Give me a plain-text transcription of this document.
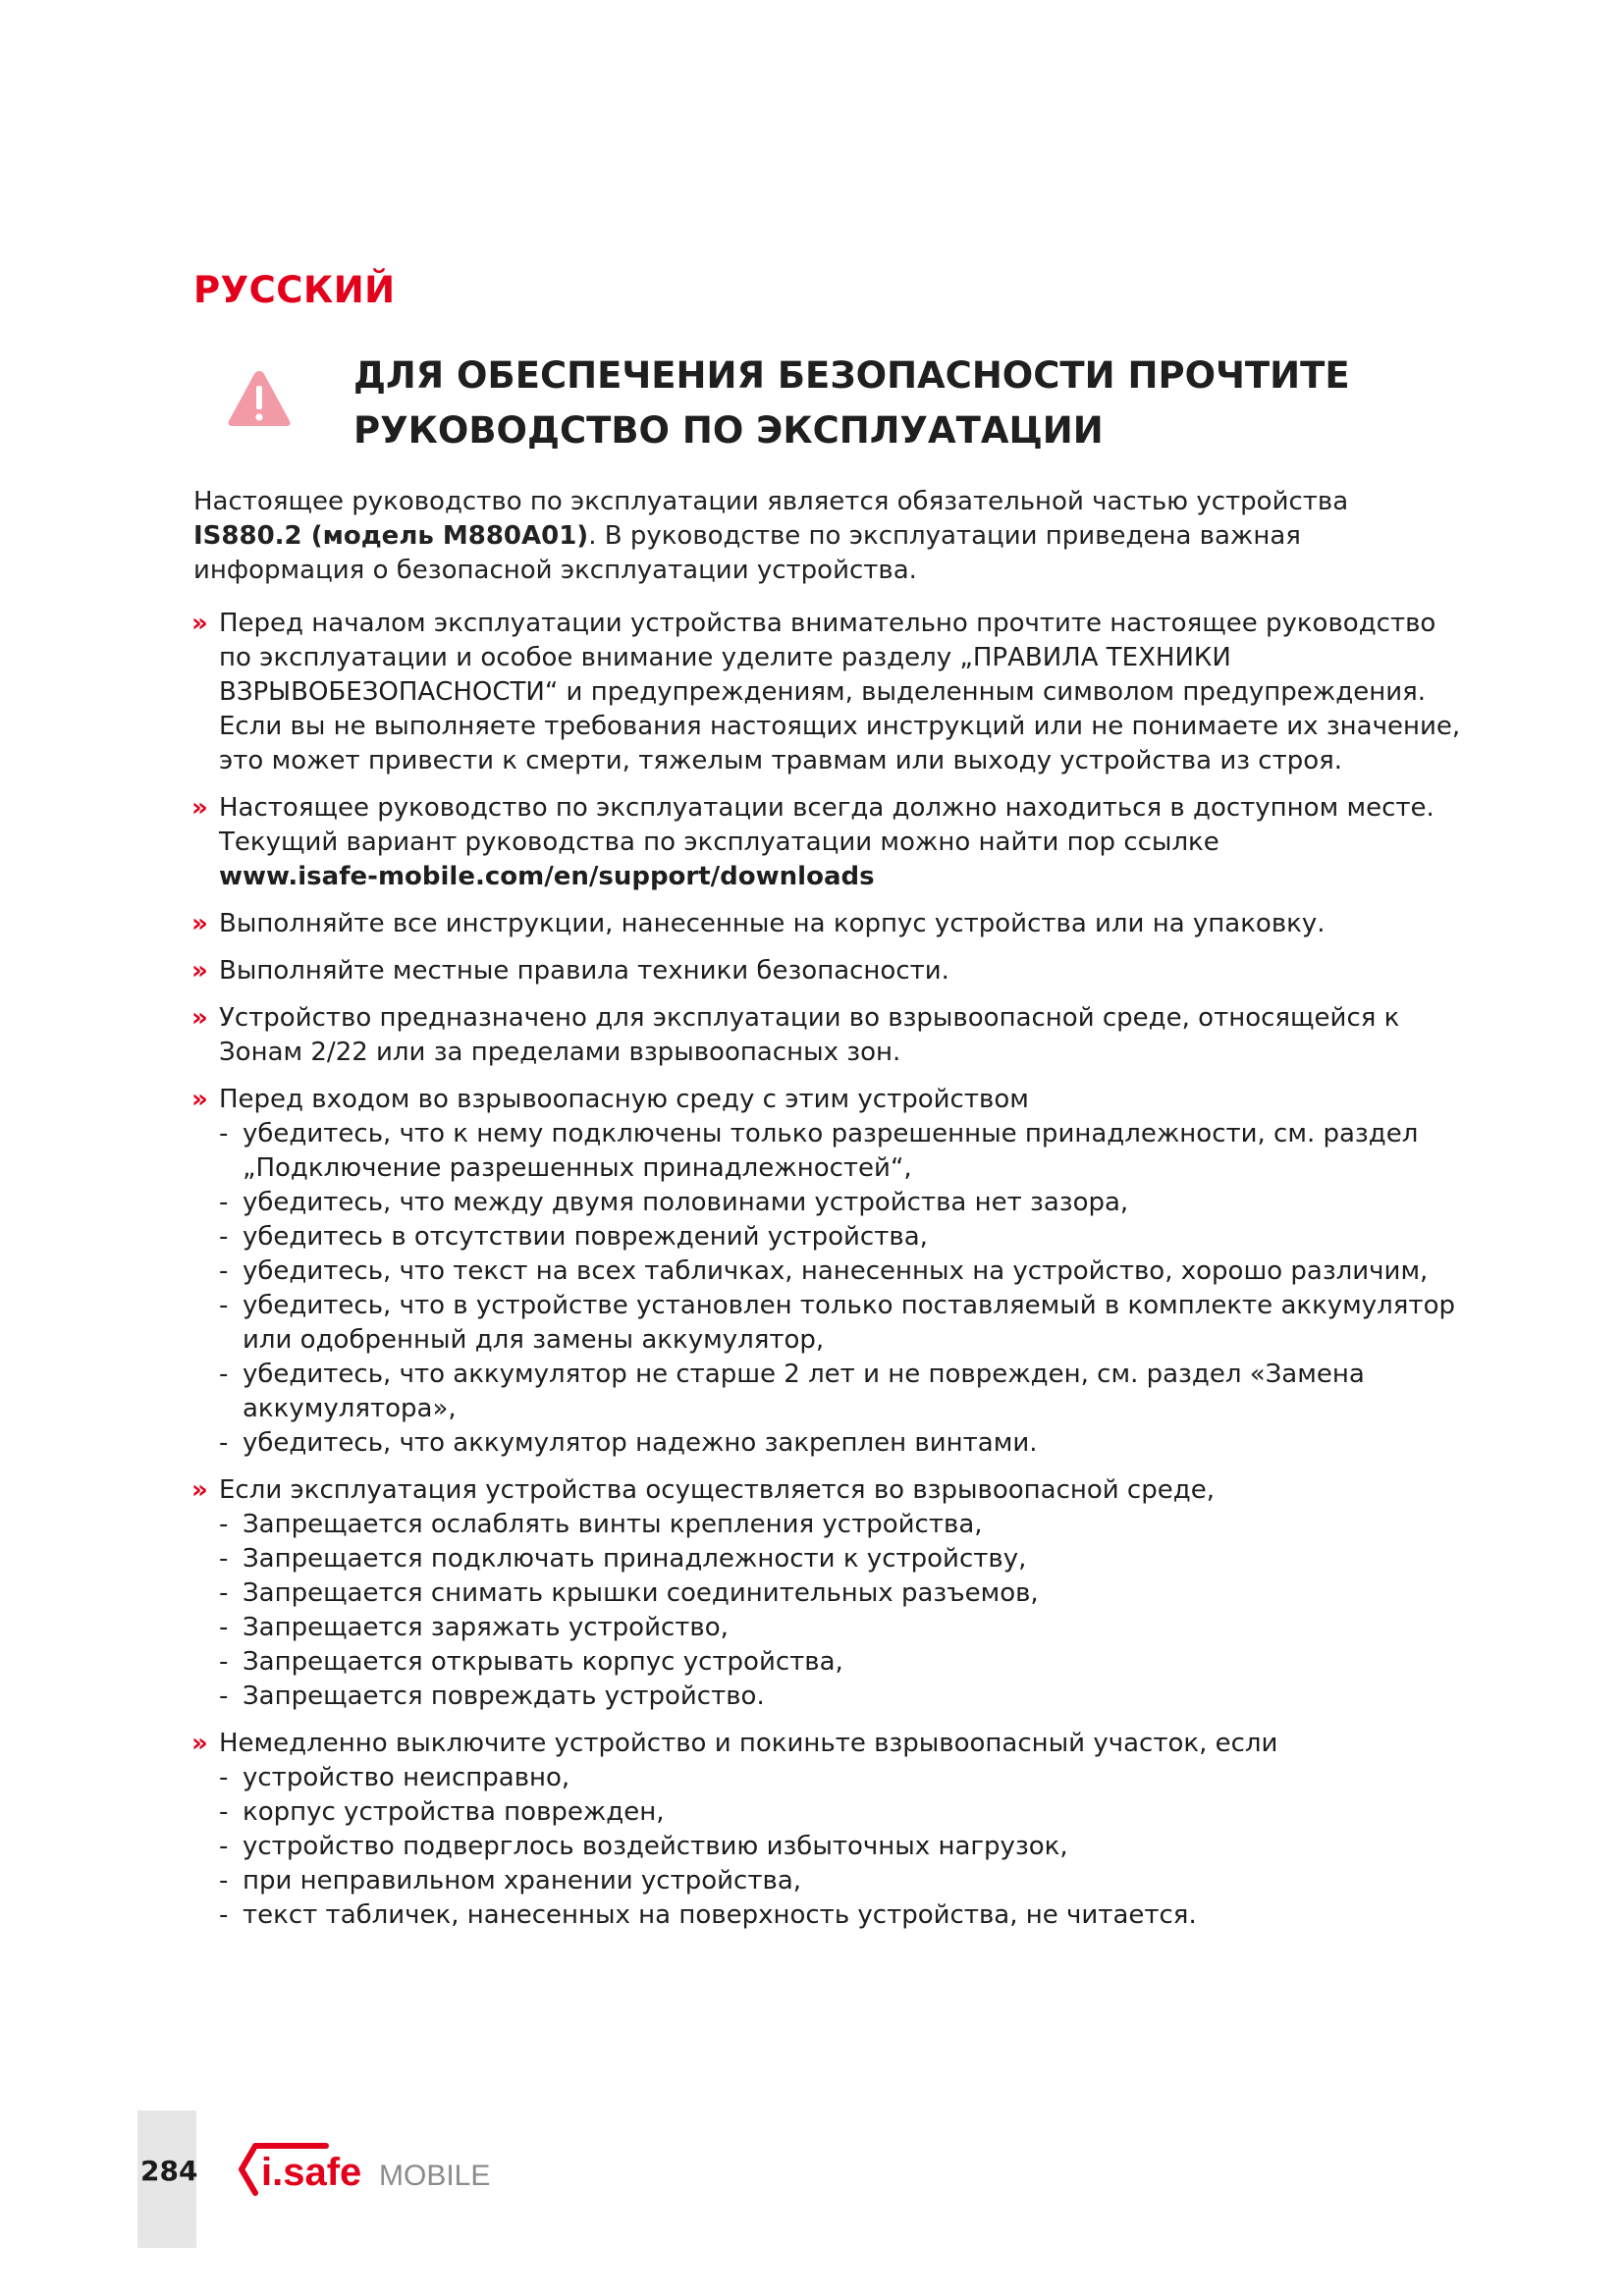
РУССКИЙ
ДЛЯ ОБЕСПЕЧЕНИЯ БЕЗОПАСНОСТИ ПРОЧТИТЕ
РУКОВОДСТВО ПО ЭКСПЛУАТАЦИИ

Настоящее руководство по эксплуатации является обязательной частью устройства IS880.2 (модель M880A01). В руководстве по эксплуатации приведена важная информация о безопасной эксплуатации устройства.

» Перед началом эксплуатации устройства внимательно прочтите настоящее руководство по эксплуатации и особое внимание уделите разделу „ПРАВИЛА ТЕХНИКИ ВЗРЫВОБЕЗОПАСНОСТИ“ и предупреждениям, выделенным символом предупреждения. Если вы не выполняете требования настоящих инструкций или не понимаете их значение, это может привести к смерти, тяжелым травмам или выходу устройства из строя.
» Настоящее руководство по эксплуатации всегда должно находиться в доступном месте. Текущий вариант руководства по эксплуатации можно найти пор ссылке
www.isafe-mobile.com/en/support/downloads
» Выполняйте все инструкции, нанесенные на корпус устройства или на упаковку.
» Выполняйте местные правила техники безопасности.
» Устройство предназначено для эксплуатации во взрывоопасной среде, относящейся к Зонам 2/22 или за пределами взрывоопасных зон.
» Перед входом во взрывоопасную среду с этим устройством
- убедитесь, что к нему подключены только разрешенные принадлежности, см. раздел „Подключение разрешенных принадлежностей“,
- убедитесь, что между двумя половинами устройства нет зазора,
- убедитесь в отсутствии повреждений устройства,
- убедитесь, что текст на всех табличках, нанесенных на устройство, хорошо различим,
- убедитесь, что в устройстве установлен только поставляемый в комплекте аккумулятор или одобренный для замены аккумулятор,
- убедитесь, что аккумулятор не старше 2 лет и не поврежден, см. раздел «Замена аккумулятора»,
- убедитесь, что аккумулятор надежно закреплен винтами.
» Если эксплуатация устройства осуществляется во взрывоопасной среде,
- Запрещается ослаблять винты крепления устройства,
- Запрещается подключать принадлежности к устройству,
- Запрещается снимать крышки соединительных разъемов,
- Запрещается заряжать устройство,
- Запрещается открывать корпус устройства,
- Запрещается повреждать устройство.
» Немедленно выключите устройство и покиньте взрывоопасный участок, если
- устройство неисправно,
- корпус устройства поврежден,
- устройство подверглось воздействию избыточных нагрузок,
- при неправильном хранении устройства,
- текст табличек, нанесенных на поверхность устройства, не читается.

284 i.safe MOBILE
